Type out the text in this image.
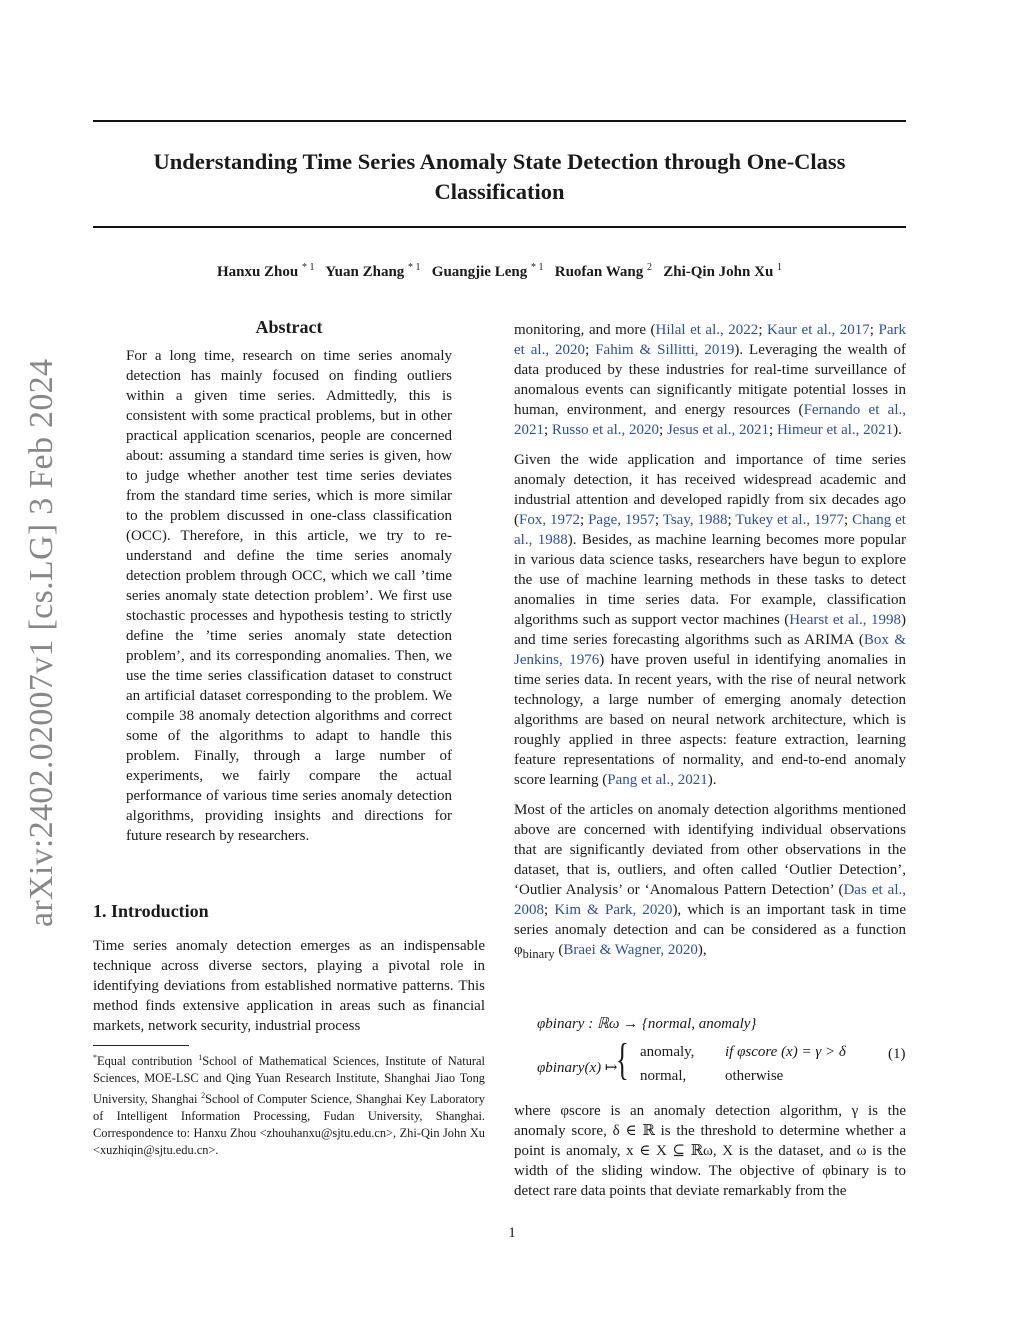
Understanding Time Series Anomaly State Detection through One-Class Classification
Hanxu Zhou $^{* 1}$ Yuan Zhang $^{* 1}$ Guangjie Leng $^{* 1}$ Ruofan Wang $^2$ Zhi-Qin John Xu $^1$
arXiv:2402.02007v1 [cs.LG] 3 Feb 2024
Abstract

For a long time, research on time series anomaly detection has mainly focused on finding outliers within a given time series. Admittedly, this is consistent with some practical problems, but in other practical application scenarios, people are concerned about: assuming a standard time series is given, how to judge whether another test time series deviates from the standard time series, which is more similar to the problem discussed in one-class classification (OCC). Therefore, in this article, we try to re-understand and define the time series anomaly detection problem through OCC, which we call ’time series anomaly state detection problem’. We first use stochastic processes and hypothesis testing to strictly define the ’time series anomaly state detection problem’, and its corresponding anomalies. Then, we use the time series classification dataset to construct an artificial dataset corresponding to the problem. We compile 38 anomaly detection algorithms and correct some of the algorithms to adapt to handle this problem. Finally, through a large number of experiments, we fairly compare the actual performance of various time series anomaly detection algorithms, providing insights and directions for future research by researchers.

1. Introduction

Time series anomaly detection emerges as an indispensable technique across diverse sectors, playing a pivotal role in identifying deviations from established normative patterns. This method finds extensive application in areas such as financial markets, network security, industrial process

*Equal contribution $^1$School of Mathematical Sciences, Institute of Natural Sciences, MOE-LSC and Qing Yuan Research Institute, Shanghai Jiao Tong University, Shanghai $^2$School of Computer Science, Shanghai Key Laboratory of Intelligent Information Processing, Fudan University, Shanghai. Correspondence to: Hanxu Zhou <zhouhanxu@sjtu.edu.cn>, Zhi-Qin John Xu <xuzhiqin@sjtu.edu.cn>.

monitoring, and more (Hilal et al., 2022; Kaur et al., 2017; Park et al., 2020; Fahim & Sillitti, 2019). Leveraging the wealth of data produced by these industries for real-time surveillance of anomalous events can significantly mitigate potential losses in human, environment, and energy resources (Fernando et al., 2021; Russo et al., 2020; Jesus et al., 2021; Himeur et al., 2021).

Given the wide application and importance of time series anomaly detection, it has received widespread academic and industrial attention and developed rapidly from six decades ago (Fox, 1972; Page, 1957; Tsay, 1988; Tukey et al., 1977; Chang et al., 1988). Besides, as machine learning becomes more popular in various data science tasks, researchers have begun to explore the use of machine learning methods in these tasks to detect anomalies in time series data. For example, classification algorithms such as support vector machines (Hearst et al., 1998) and time series forecasting algorithms such as ARIMA (Box & Jenkins, 1976) have proven useful in identifying anomalies in time series data. In recent years, with the rise of neural network technology, a large number of emerging anomaly detection algorithms are based on neural network architecture, which is roughly applied in three aspects: feature extraction, learning feature representations of normality, and end-to-end anomaly score learning (Pang et al., 2021).

Most of the articles on anomaly detection algorithms mentioned above are concerned with identifying individual observations that are significantly deviated from other observations in the dataset, that is, outliers, and often called ‘Outlier Detection’, ‘Outlier Analysis’ or ‘Anomalous Pattern Detection’ (Das et al., 2008; Kim & Park, 2020), which is an important task in time series anomaly detection and can be considered as a function $\varphi_{binary}$ (Braei & Wagner, 2020),

φbinary : ℝω → {normal, anomaly}
φbinary(x) ↦
{ anomaly, if φscore (x) = γ > δ
normal,	otherwise
(1)

where φscore is an anomaly detection algorithm, γ is the anomaly score, δ ∈ ℝ is the threshold to determine whether a point is anomaly, x ∈ X ⊆ ℝω, X is the dataset, and ω is the width of the sliding window. The objective of φbinary is to detect rare data points that deviate remarkably from the

1
